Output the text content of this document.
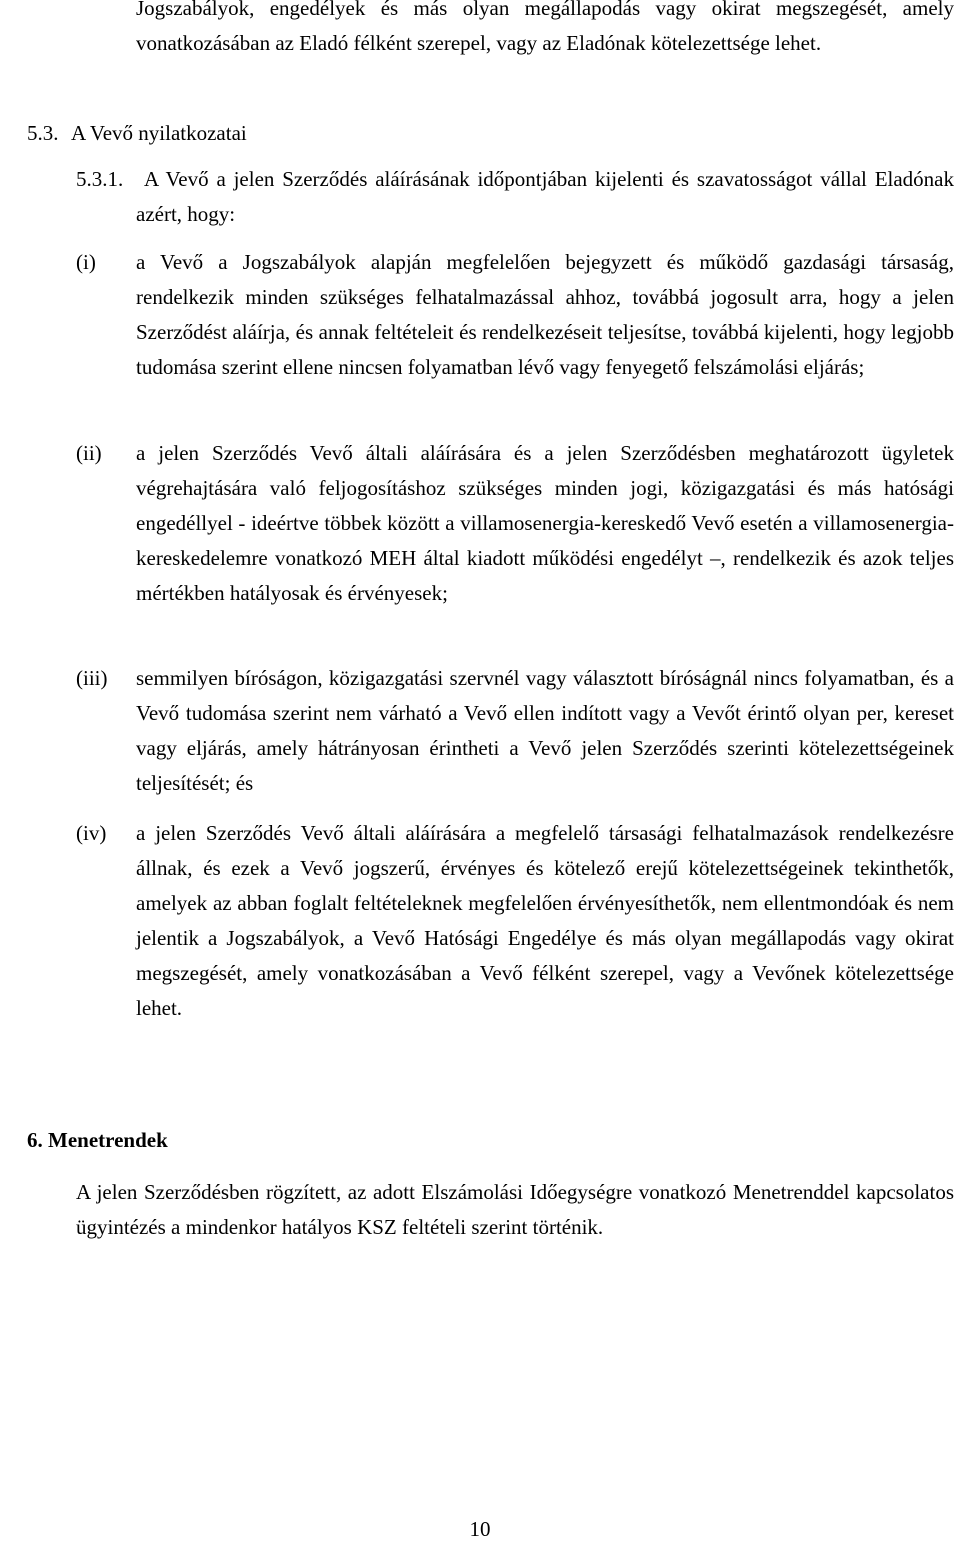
Jogszabályok, engedélyek és más olyan megállapodás vagy okirat megszegését, amely vonatkozásában az Eladó félként szerepel, vagy az Eladónak kötelezettsége lehet.

5.3. A Vevő nyilatkozatai
5.3.1. A Vevő a jelen Szerződés aláírásának időpontjában kijelenti és szavatosságot vállal Eladónak azért, hogy:

(i) a Vevő a Jogszabályok alapján megfelelően bejegyzett és működő gazdasági társaság, rendelkezik minden szükséges felhatalmazással ahhoz, továbbá jogosult arra, hogy a jelen Szerződést aláírja, és annak feltételeit és rendelkezéseit teljesítse, továbbá kijelenti, hogy legjobb tudomása szerint ellene nincsen folyamatban lévő vagy fenyegető felszámolási eljárás;

(ii) a jelen Szerződés Vevő általi aláírására és a jelen Szerződésben meghatározott ügyletek végrehajtására való feljogosításhoz szükséges minden jogi, közigazgatási és más hatósági engedéllyel - ideértve többek között a villamosenergia-kereskedő Vevő esetén a villamosenergia-kereskedelemre vonatkozó MEH által kiadott működési engedélyt –, rendelkezik és azok teljes mértékben hatályosak és érvényesek;

(iii) semmilyen bíróságon, közigazgatási szervnél vagy választott bíróságnál nincs folyamatban, és a Vevő tudomása szerint nem várható a Vevő ellen indított vagy a Vevőt érintő olyan per, kereset vagy eljárás, amely hátrányosan érintheti a Vevő jelen Szerződés szerinti kötelezettségeinek teljesítését; és

(iv) a jelen Szerződés Vevő általi aláírására a megfelelő társasági felhatalmazások rendelkezésre állnak, és ezek a Vevő jogszerű, érvényes és kötelező erejű kötelezettségeinek tekinthetők, amelyek az abban foglalt feltételeknek megfelelően érvényesíthetők, nem ellentmondóak és nem jelentik a Jogszabályok, a Vevő Hatósági Engedélye és más olyan megállapodás vagy okirat megszegését, amely vonatkozásában a Vevő félként szerepel, vagy a Vevőnek kötelezettsége lehet.

6. Menetrendek

A jelen Szerződésben rögzített, az adott Elszámolási Időegységre vonatkozó Menetrenddel kapcsolatos ügyintézés a mindenkor hatályos KSZ feltételi szerint történik.

10
